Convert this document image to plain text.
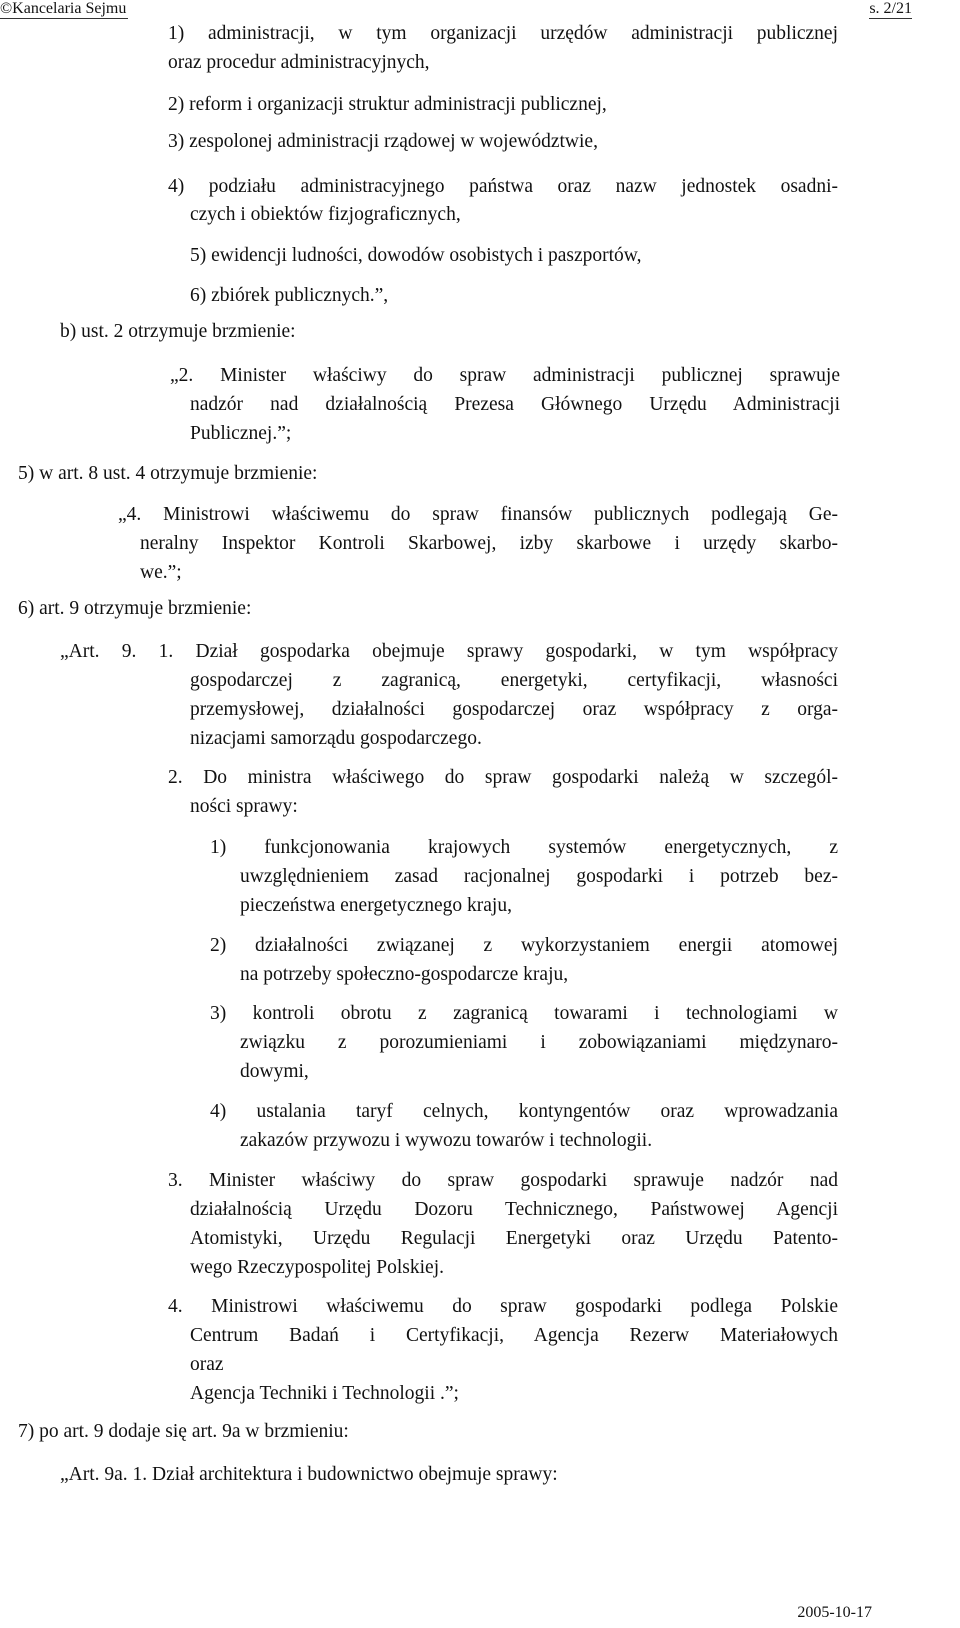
©Kancelaria Sejmu	s. 2/21
1) administracji, w tym organizacji urzędów administracji publicznej
oraz procedur administracyjnych,
2) reform i organizacji struktur administracji publicznej,
3) zespolonej administracji rządowej w województwie,
4) podziału administracyjnego państwa oraz nazw jednostek osadni-
czych i obiektów fizjograficznych,
5) ewidencji ludności, dowodów osobistych i paszportów,
6) zbiórek publicznych.”,
b) ust. 2 otrzymuje brzmienie:
„2. Minister właściwy do spraw administracji publicznej sprawuje
nadzór nad działalnością Prezesa Głównego Urzędu Administracji
Publicznej.”;
5) w art. 8 ust. 4 otrzymuje brzmienie:
„4. Ministrowi właściwemu do spraw finansów publicznych podlegają Ge-
neralny Inspektor Kontroli Skarbowej, izby skarbowe i urzędy skarbo-
we.”;
6) art. 9 otrzymuje brzmienie:
„Art. 9. 1. Dział gospodarka obejmuje sprawy gospodarki, w tym współpracy
gospodarczej z zagranicą, energetyki, certyfikacji, własności
przemysłowej, działalności gospodarczej oraz współpracy z orga-
nizacjami samorządu gospodarczego.
2. Do ministra właściwego do spraw gospodarki należą w szczegól-
ności sprawy:
1) funkcjonowania krajowych systemów energetycznych, z
uwzględnieniem zasad racjonalnej gospodarki i potrzeb bez-
pieczeństwa energetycznego kraju,
2) działalności związanej z wykorzystaniem energii atomowej
na potrzeby społeczno-gospodarcze kraju,
3) kontroli obrotu z zagranicą towarami i technologiami w
związku z porozumieniami i zobowiązaniami międzynaro-
dowymi,
4) ustalania taryf celnych, kontyngentów oraz wprowadzania
zakazów przywozu i wywozu towarów i technologii.
3. Minister właściwy do spraw gospodarki sprawuje nadzór nad
działalnością Urzędu Dozoru Technicznego, Państwowej Agencji
Atomistyki, Urzędu Regulacji Energetyki oraz Urzędu Patento-
wego Rzeczypospolitej Polskiej.
4. Ministrowi właściwemu do spraw gospodarki podlega Polskie
Centrum Badań i Certyfikacji, Agencja Rezerw Materiałowych
oraz
Agencja Techniki i Technologii .”;
7) po art. 9 dodaje się art. 9a w brzmieniu:
„Art. 9a. 1. Dział architektura i budownictwo obejmuje sprawy:
2005-10-17
